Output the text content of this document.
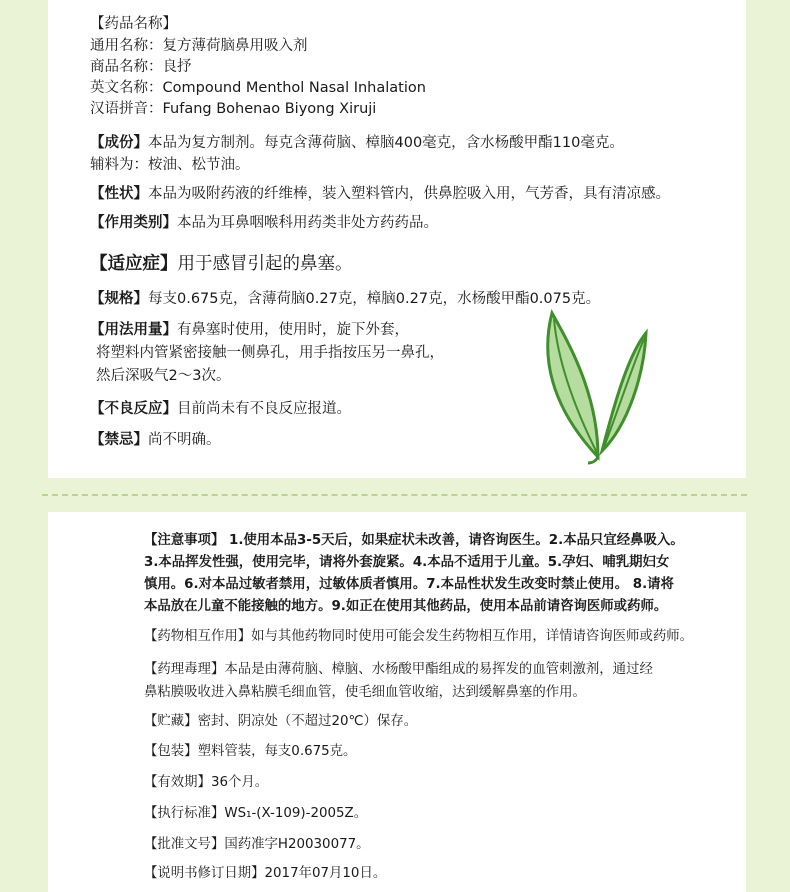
【药品名称】
通用名称：复方薄荷脑鼻用吸入剂
商品名称：良抒
英文名称：Compound Menthol Nasal Inhalation
汉语拼音：Fufang Bohenao Biyong Xiruji
【成份】本品为复方制剂。每克含薄荷脑、樟脑400毫克，含水杨酸甲酯110毫克。
辅料为：桉油、松节油。
【性状】本品为吸附药液的纤维棒，装入塑料管内，供鼻腔吸入用，气芳香，具有清凉感。
【作用类别】本品为耳鼻咽喉科用药类非处方药药品。
【适应症】用于感冒引起的鼻塞。
【规格】每支0.675克，含薄荷脑0.27克，樟脑0.27克，水杨酸甲酯0.075克。
【用法用量】有鼻塞时使用，使用时，旋下外套，
将塑料内管紧密接触一侧鼻孔，用手指按压另一鼻孔，
然后深吸气2～3次。
【不良反应】目前尚未有不良反应报道。
【禁忌】尚不明确。
【注意事项】 1.使用本品3-5天后，如果症状未改善，请咨询医生。2.本品只宜经鼻吸入。
3.本品挥发性强，使用完毕，请将外套旋紧。4.本品不适用于儿童。5.孕妇、哺乳期妇女
慎用。6.对本品过敏者禁用，过敏体质者慎用。7.本品性状发生改变时禁止使用。 8.请将
本品放在儿童不能接触的地方。9.如正在使用其他药品，使用本品前请咨询医师或药师。
【药物相互作用】如与其他药物同时使用可能会发生药物相互作用，详情请咨询医师或药师。
【药理毒理】本品是由薄荷脑、樟脑、水杨酸甲酯组成的易挥发的血管刺激剂，通过经
鼻粘膜吸收进入鼻粘膜毛细血管，使毛细血管收缩，达到缓解鼻塞的作用。
【贮藏】密封、阴凉处（不超过20℃）保存。
【包装】塑料管装，每支0.675克。
【有效期】36个月。
【执行标准】WS₁-(X-109)-2005Z。
【批准文号】国药准字H20030077。
【说明书修订日期】2017年07月10日。
